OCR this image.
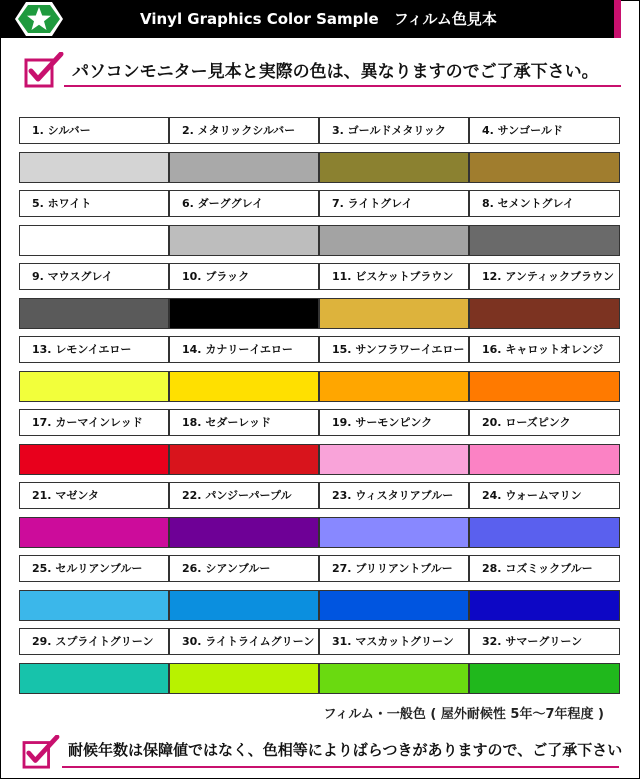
Vinyl Graphics Color Sample　フィルム色見本
パソコンモニター見本と実際の色は、異なりますのでご了承下さい。
1. シルバー	2. メタリックシルバー	3. ゴールドメタリック	4. サンゴールド
5. ホワイト	6. ダーググレイ	7. ライトグレイ	8. セメントグレイ
9. マウスグレイ	10. ブラック	11. ビスケットブラウン	12. アンティックブラウン
13. レモンイエロー	14. カナリーイエロー	15. サンフラワーイエロー	16. キャロットオレンジ
17. カーマインレッド	18. セダーレッド	19. サーモンピンク	20. ローズピンク
21. マゼンタ	22. パンジーパープル	23. ウィスタリアブルー	24. ウォームマリン
25. セルリアンブルー	26. シアンブルー	27. ブリリアントブルー	28. コズミックブルー
29. スプライトグリーン	30. ライトライムグリーン	31. マスカットグリーン	32. サマーグリーン
フィルム・一般色 ( 屋外耐候性 5年～7年程度 )
耐候年数は保障値ではなく、色相等によりばらつきがありますので、ご了承下さい
